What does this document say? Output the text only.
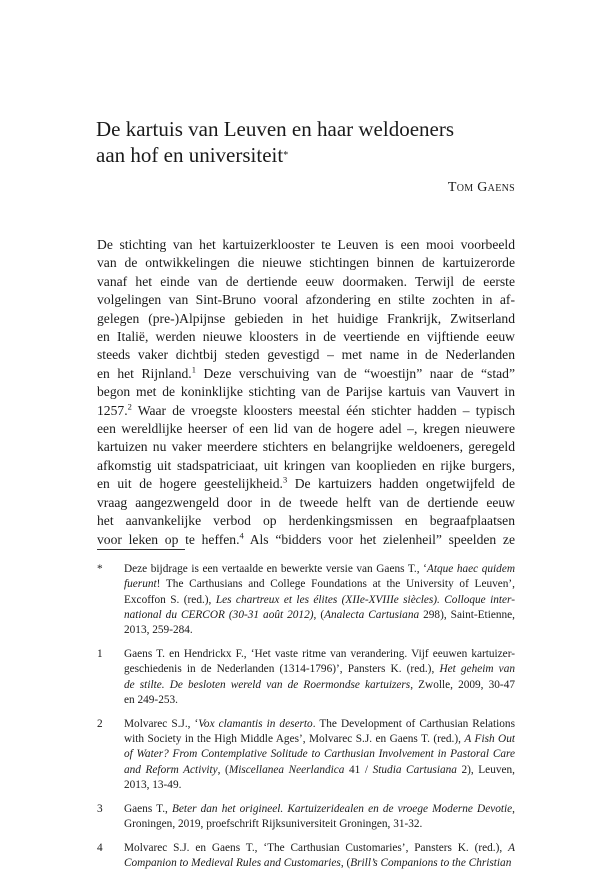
De kartuis van Leuven en haar weldoeners
aan hof en universiteit*
Tom Gaens
De stichting van het kartuizerklooster te Leuven is een mooi voorbeeld
van de ontwikkelingen die nieuwe stichtingen binnen de kartuizerorde
vanaf het einde van de dertiende eeuw doormaken. Terwijl de eerste
volgelingen van Sint-Bruno vooral afzondering en stilte zochten in af-
gelegen (pre-)Alpijnse gebieden in het huidige Frankrijk, Zwitserland
en Italië, werden nieuwe kloosters in de veertiende en vijftiende eeuw
steeds vaker dichtbij steden gevestigd – met name in de Nederlanden
en het Rijnland.$^1$ Deze verschuiving van de “woestijn” naar de “stad”
begon met de koninklijke stichting van de Parijse kartuis van Vauvert in
1257.$^2$ Waar de vroegste kloosters meestal één stichter hadden – typisch
een wereldlijke heerser of een lid van de hogere adel –, kregen nieuwere
kartuizen nu vaker meerdere stichters en belangrijke weldoeners, geregeld
afkomstig uit stadspatriciaat, uit kringen van kooplieden en rijke burgers,
en uit de hogere geestelijkheid.$^3$ De kartuizers hadden ongetwijfeld de
vraag aangezwengeld door in de tweede helft van de dertiende eeuw
het aanvankelijke verbod op herdenkingsmissen en begraafplaatsen
voor leken op te heffen.$^4$ Als “bidders voor het zielenheil” speelden ze
*	Deze bijdrage is een vertaalde en bewerkte versie van Gaens T., ‘Atque haec quidem
fuerunt! The Carthusians and College Foundations at the University of Leuven’,
Excoffon S. (red.), Les chartreux et les élites (XIIe-XVIIIe siècles). Colloque inter-
national du CERCOR (30-31 août 2012), (Analecta Cartusiana 298), Saint-Etienne,
2013, 259-284.
1	Gaens T. en Hendrickx F., ‘Het vaste ritme van verandering. Vijf eeuwen kartuizer-
geschiedenis in de Nederlanden (1314-1796)’, Pansters K. (red.), Het geheim van
de stilte. De besloten wereld van de Roermondse kartuizers, Zwolle, 2009, 30-47
en 249-253.
2	Molvarec S.J., ‘Vox clamantis in deserto. The Development of Carthusian Relations
with Society in the High Middle Ages’, Molvarec S.J. en Gaens T. (red.), A Fish Out
of Water? From Contemplative Solitude to Carthusian Involvement in Pastoral Care
and Reform Activity, (Miscellanea Neerlandica 41 / Studia Cartusiana 2), Leuven,
2013, 13-49.
3	Gaens T., Beter dan het origineel. Kartuizeridealen en de vroege Moderne Devotie,
Groningen, 2019, proefschrift Rijksuniversiteit Groningen, 31-32.
4	Molvarec S.J. en Gaens T., ‘The Carthusian Customaries’, Pansters K. (red.), A
Companion to Medieval Rules and Customaries, (Brill’s Companions to the Christian
